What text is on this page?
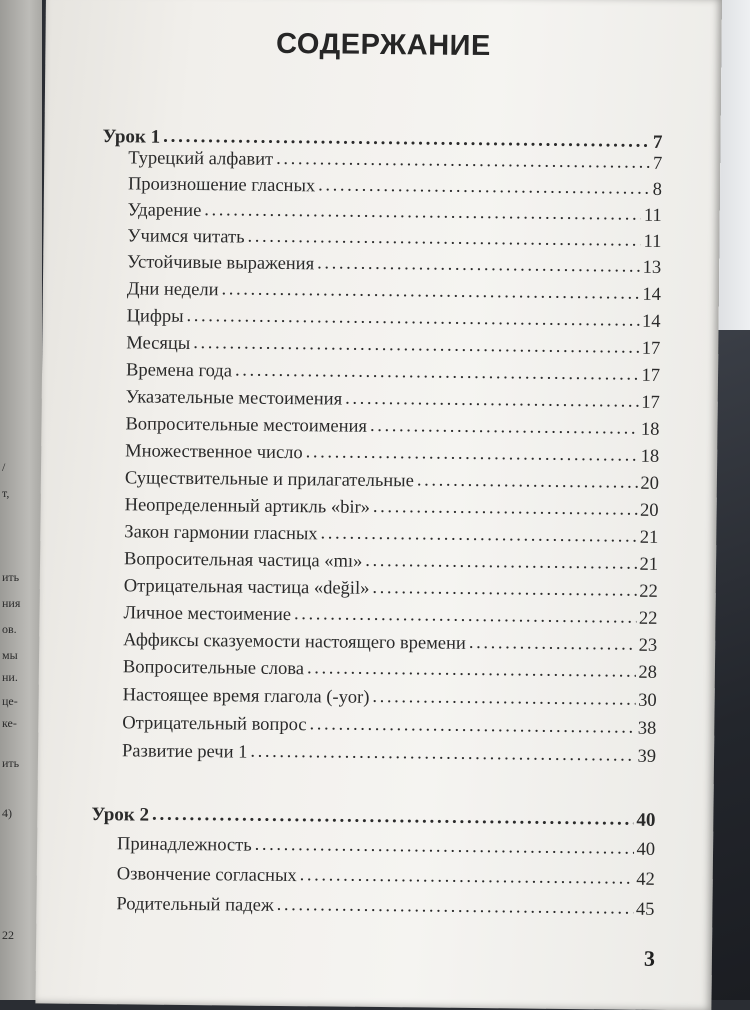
/
т,
ить
ния
ов.
мы
ни.
це-
ке-
ить
4)
22
СОДЕРЖАНИЕ
Урок 1 . . .	7
Турецкий алфавит . . .	7
Произношение гласных . . .	8
Ударение . . .	11
Учимся читать . . .	11
Устойчивые выражения . . .	13
Дни недели . . .	14
Цифры . . .	14
Месяцы . . .	17
Времена года . . .	17
Указательные местоимения . . .	17
Вопросительные местоимения . . .	18
Множественное число . . .	18
Существительные и прилагательные . . .	20
Неопределенный артикль «bir» . . .	20
Закон гармонии гласных . . .	21
Вопросительная частица «mı» . . .	21
Отрицательная частица «değil» . . .	22
Личное местоимение . . .	22
Аффиксы сказуемости настоящего времени . . .	23
Вопросительные слова . . .	28
Настоящее время глагола (-yor) . . .	30
Отрицательный вопрос . . .	38
Развитие речи 1 . . .	39
Урок 2 . . .	40
Принадлежность . . .	40
Озвончение согласных . . .	42
Родительный падеж . . .	45
3
